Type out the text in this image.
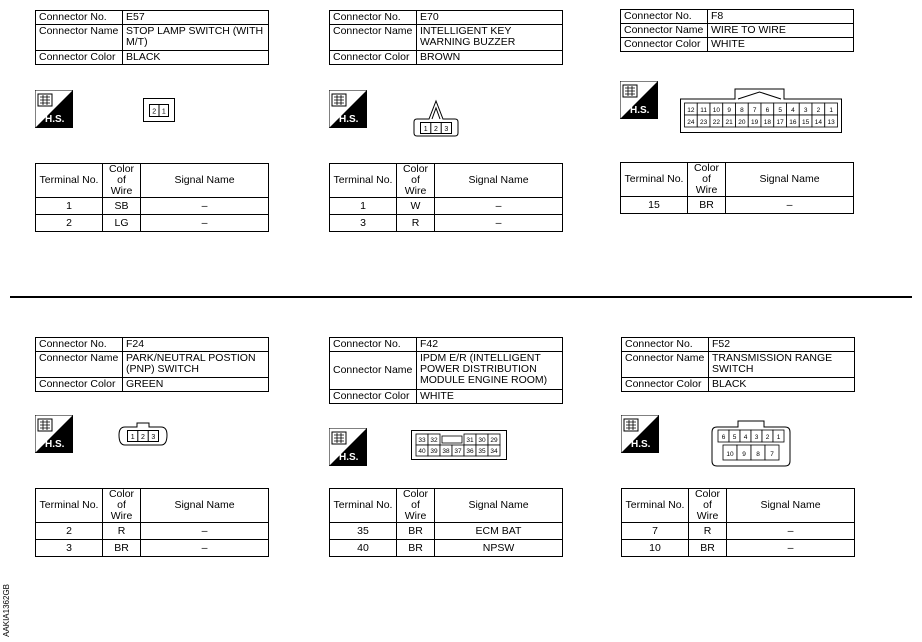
Connector No.	E57
Connector Name	STOP LAMP SWITCH (WITH M/T)
Connector Color	BLACK
H.S.
2 1
Terminal No.	Color of Wire	Signal Name
1	SB	–
2	LG	–
Connector No.	E70
Connector Name	INTELLIGENT KEY WARNING BUZZER
Connector Color	BROWN
H.S.
1 2 3
Terminal No.	Color of Wire	Signal Name
1	W	–
3	R	–
Connector No.	F8
Connector Name	WIRE TO WIRE
Connector Color	WHITE
H.S.	12 11 10 9 8 7 6 5 4 3 2 1
24 23 22 21 20 19 18 17 16 15 14 13
Terminal No.	Color of Wire	Signal Name
15	BR	–
Connector No.	F24
Connector Name	PARK/NEUTRAL POSTION (PNP) SWITCH
Connector Color	GREEN
H.S.
1 2 3
Terminal No.	Color of Wire	Signal Name
2	R	–
3	BR	–
Connector No.	F42
Connector Name	IPDM E/R (INTELLIGENT POWER DISTRIBUTION MODULE ENGINE ROOM)
Connector Color	WHITE
H.S.
33 32	31 30 29
40 39 38 37 36 35 34
Terminal No.	Color of Wire	Signal Name
35	BR	ECM BAT
40	BR	NPSW
Connector No.	F52
Connector Name	TRANSMISSION RANGE SWITCH
Connector Color	BLACK
H.S.
6 5 4 3 2 1
10 9 8 7
Terminal No.	Color of Wire	Signal Name
7	R	–
10	BR	–
AAKIA1362GB
